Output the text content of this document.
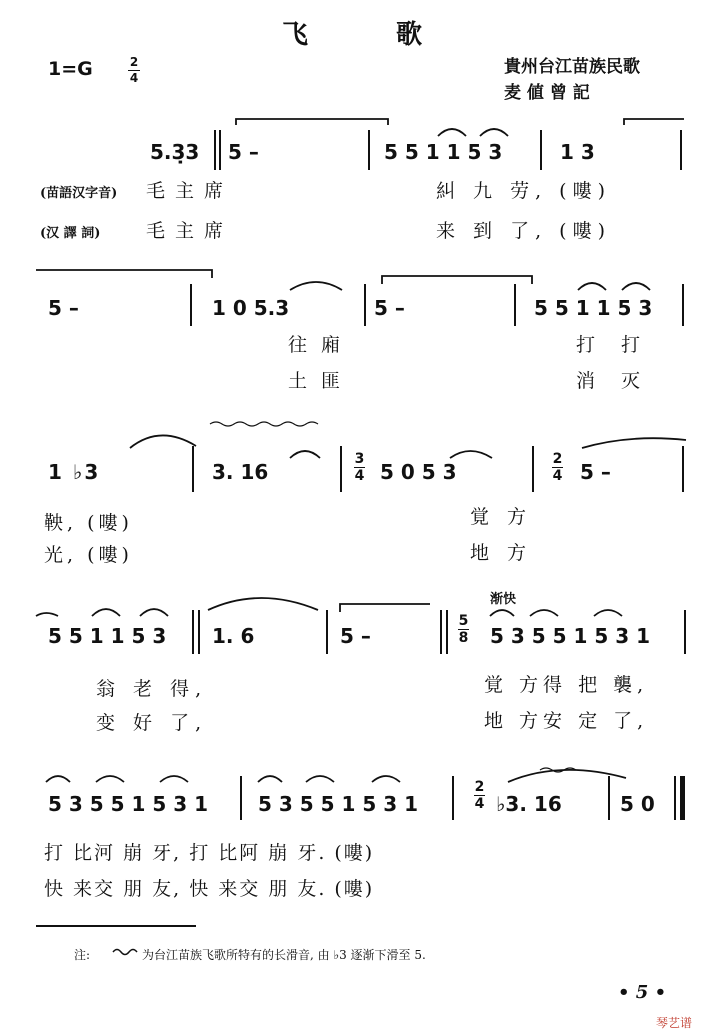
飞	歌
1=G	2
4
貴州台江苗族民歌
麦 値 曾 記
5.3̣3 5 –	5 5 1 1 5 3	1 3
(苗語汉字音) 毛主席	糾 九 劳, (嘍)
(汉 譯 詞) 毛主席	来 到 了, (嘍)
5 –	1 0 5.3	5 –	5 5 1 1 5 3
往 廂	打 打
土 匪	消 灭
1 ♭3	3. 16
3
4 5 0 5 3
2
4 5 –
鞅, (嘍)	覚 方
光, (嘍)	地 方
5 5 1 1 5 3 1. 6	5 –
渐快
5
8 5 3 5 5 1 5 3 1
翁 老 得,	覚 方得 把 襲,
变 好 了,	地 方安 定 了,
5 3 5 5 1 5 3 1 5 3 5 5 1 5 3 1
2
4 ♭3. 16	5 0
打 比河 崩 牙, 打 比阿 崩 牙. (嘍)
快 来交 朋 友, 快 来交 朋 友. (嘍)
注:	为台江苗族飞歌所特有的长滑音, 由 ♭3 逐渐下滑至 5.
• 5 •
琴艺谱
